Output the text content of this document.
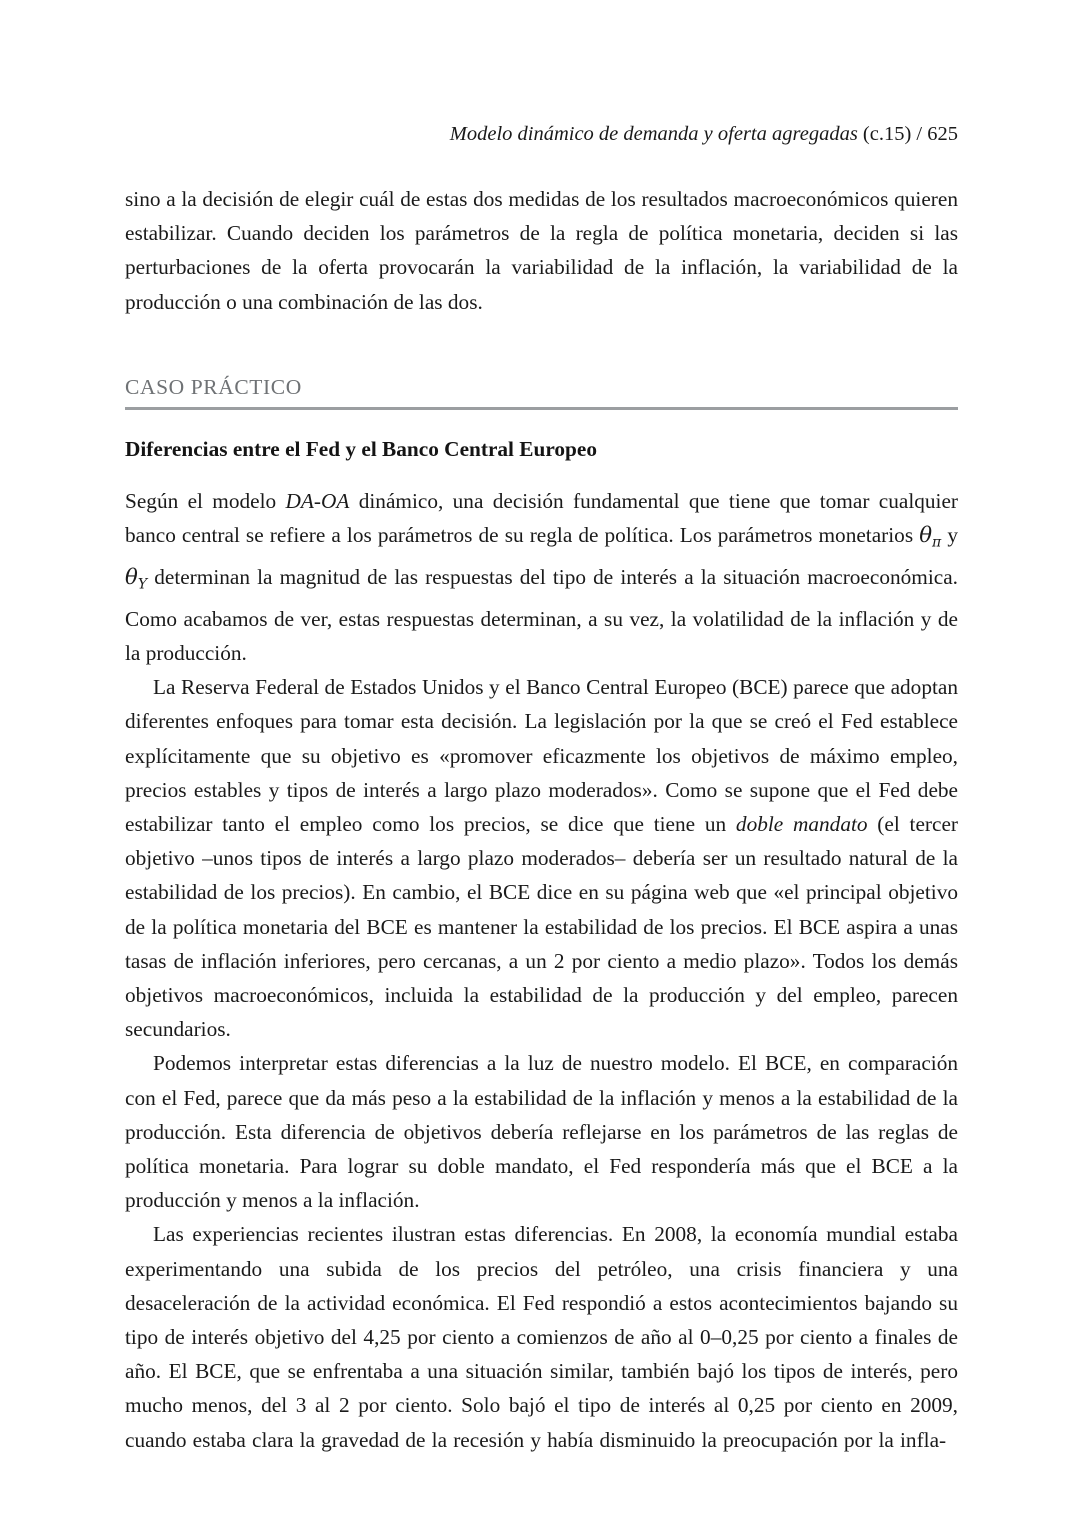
Modelo dinámico de demanda y oferta agregadas (c.15) / 625

sino a la decisión de elegir cuál de estas dos medidas de los resultados macroeconómicos quieren estabilizar. Cuando deciden los parámetros de la regla de política monetaria, deciden si las perturbaciones de la oferta provocarán la variabilidad de la inflación, la variabilidad de la producción o una combinación de las dos.

CASO PRÁCTICO
Diferencias entre el Fed y el Banco Central Europeo

Según el modelo DA-OA dinámico, una decisión fundamental que tiene que tomar cualquier banco central se refiere a los parámetros de su regla de política. Los parámetros monetarios $\theta_\pi$ y $\theta_Y$ determinan la magnitud de las respuestas del tipo de interés a la situación macroeconómica. Como acabamos de ver, estas respuestas determinan, a su vez, la volatilidad de la inflación y de la producción.

La Reserva Federal de Estados Unidos y el Banco Central Europeo (BCE) parece que adoptan diferentes enfoques para tomar esta decisión. La legislación por la que se creó el Fed establece explícitamente que su objetivo es «promover eficazmente los objetivos de máximo empleo, precios estables y tipos de interés a largo plazo moderados». Como se supone que el Fed debe estabilizar tanto el empleo como los precios, se dice que tiene un doble mandato (el tercer objetivo –unos tipos de interés a largo plazo moderados– debería ser un resultado natural de la estabilidad de los precios). En cambio, el BCE dice en su página web que «el principal objetivo de la política monetaria del BCE es mantener la estabilidad de los precios. El BCE aspira a unas tasas de inflación inferiores, pero cercanas, a un 2 por ciento a medio plazo». Todos los demás objetivos macroeconómicos, incluida la estabilidad de la producción y del empleo, parecen secundarios.

Podemos interpretar estas diferencias a la luz de nuestro modelo. El BCE, en comparación con el Fed, parece que da más peso a la estabilidad de la inflación y menos a la estabilidad de la producción. Esta diferencia de objetivos debería reflejarse en los parámetros de las reglas de política monetaria. Para lograr su doble mandato, el Fed respondería más que el BCE a la producción y menos a la inflación.

Las experiencias recientes ilustran estas diferencias. En 2008, la economía mundial estaba experimentando una subida de los precios del petróleo, una crisis financiera y una desaceleración de la actividad económica. El Fed respondió a estos acontecimientos bajando su tipo de interés objetivo del 4,25 por ciento a comienzos de año al 0–0,25 por ciento a finales de año. El BCE, que se enfrentaba a una situación similar, también bajó los tipos de interés, pero mucho menos, del 3 al 2 por ciento. Solo bajó el tipo de interés al 0,25 por ciento en 2009, cuando estaba clara la gravedad de la recesión y había disminuido la preocupación por la infla-
